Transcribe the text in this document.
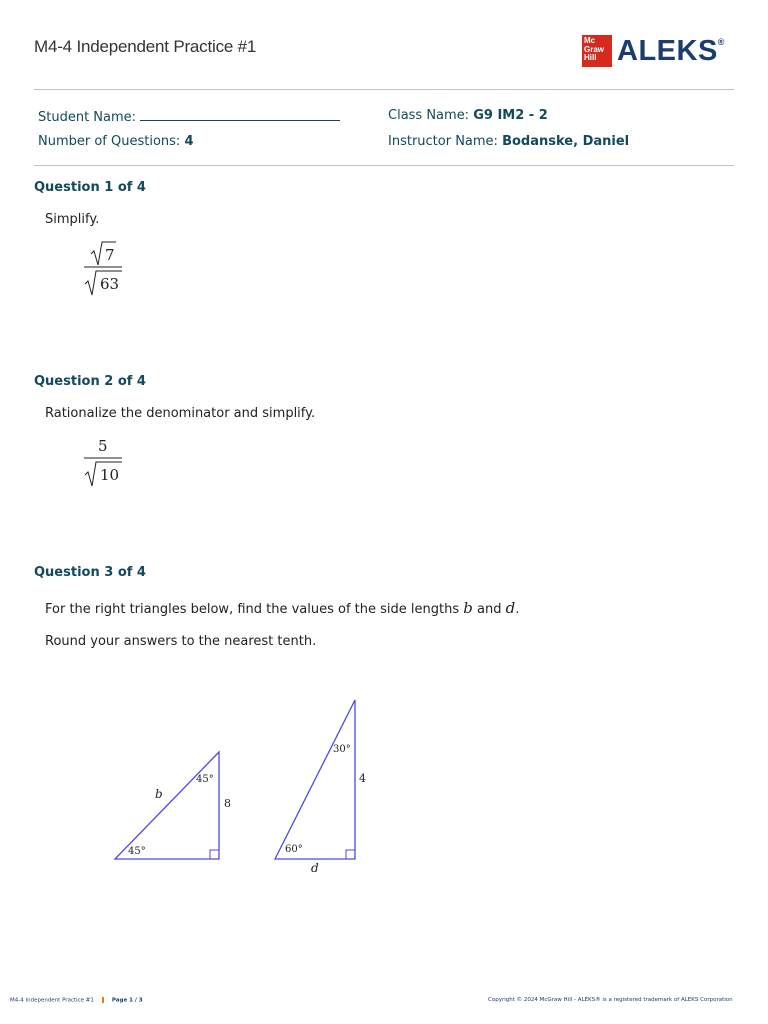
M4-4 Independent Practice #1	Mc
Graw
Hill ALEKS®
Student Name:
Number of Questions: 4
Class Name: G9 IM2 - 2
Instructor Name: Bodanske, Daniel
Question 1 of 4
Simplify.
7
63
Question 2 of 4
Rationalize the denominator and simplify.
5
10
Question 3 of 4
For the right triangles below, find the values of the side lengths b and d.
Round your answers to the nearest tenth.
45°
45°
b
8
30°
60°
4
d
M4-4 Independent Practice #1	Page 1 / 3	Copyright © 2024 McGraw Hill - ALEKS® is a registered trademark of ALEKS Corporation
